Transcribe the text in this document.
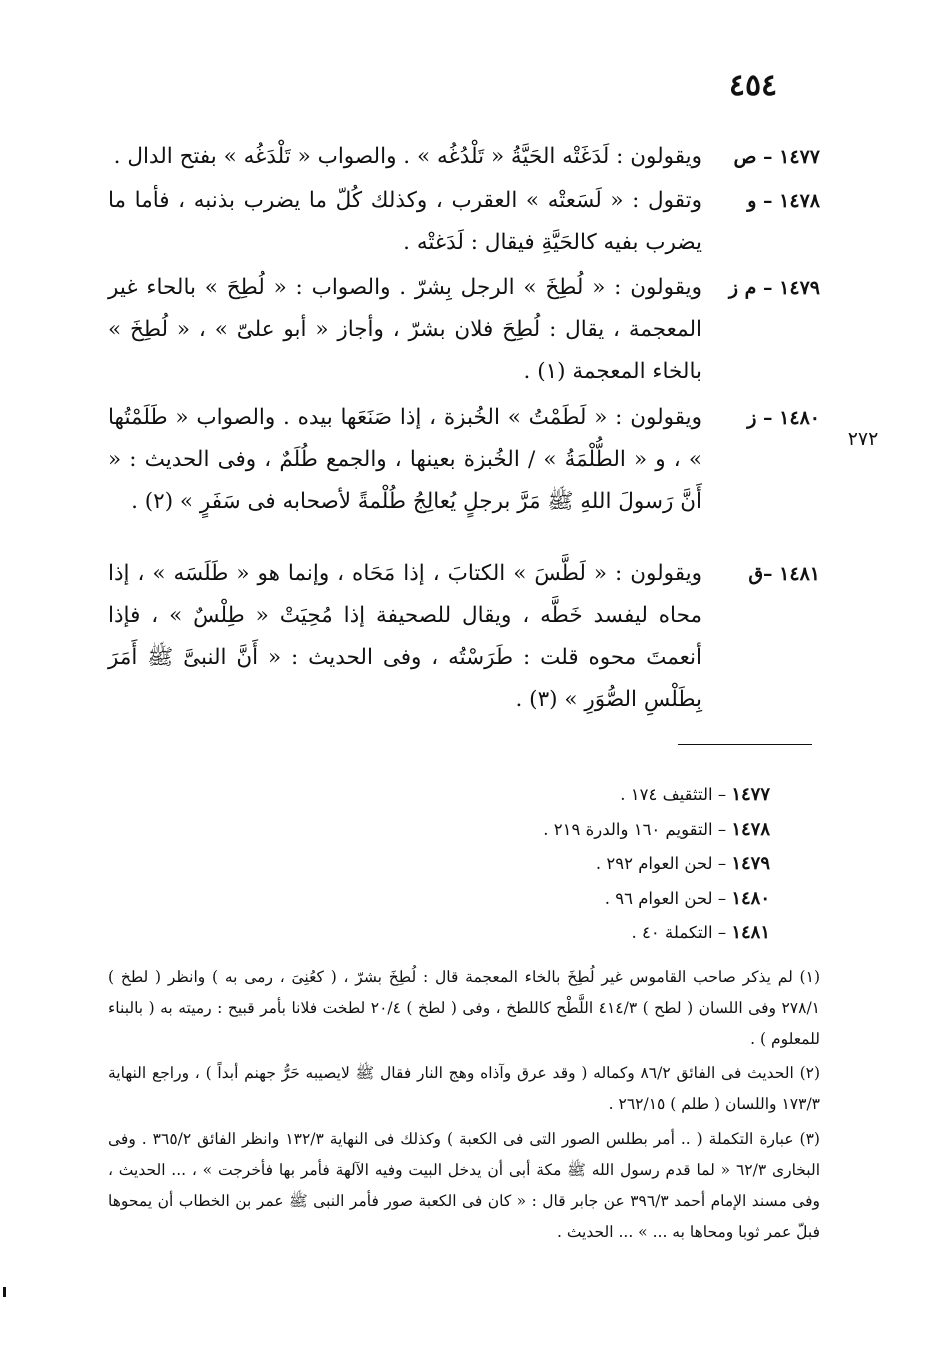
٤٥٤
٢٧٢
١٤٧٧ – ص
ويقولون : لَدَغَتْه الحَيَّةُ « تَلْدُغُه » . والصواب « تَلْدَغُه » بفتح الدال .
١٤٧٨ – و
وتقول : « لَسَعتْه » العقرب ، وكذلك كُلّ ما يضرب بذنبه ، فأما ما يضرب بفيه كالحَيَّةِ فيقال : لَدَغتْه .
١٤٧٩ – م ز
ويقولون : « لُطِخَ » الرجل بِشرّ . والصواب : « لُطِحَ » بالحاء غير المعجمة ، يقال : لُطِحَ فلان بشرّ ، وأجاز « أبو علىّ » ، « لُطِخَ » بالخاء المعجمة (١) .
١٤٨٠ – ز
ويقولون : « لَطَمْتُ » الخُبزة ، إذا صَنَعَها بيده . والصواب « طَلَمْتُها » ، و « الطُّلْمَةُ » / الخُبزة بعينها ، والجمع طُلَمٌ ، وفى الحديث : « أَنَّ رَسولَ اللهِ ﷺ مَرَّ برجلٍ يُعالِجُ طُلْمةً لأصحابه فى سَفَرٍ » (٢) .
١٤٨١ –ق
ويقولون : « لَطَّسَ » الكتابَ ، إذا مَحَاه ، وإنما هو « طَلَسَه » ، إذا محاه ليفسد خَطَّه ، ويقال للصحيفة إذا مُحِيَتْ « طِلْسٌ » ، فإذا أنعمتَ محوه قلت : طَرَسْتُه ، وفى الحديث : « أَنَّ النبىَّ ﷺ أَمَرَ بِطَلْسِ الصُّوَرِ » (٣) .
١٤٧٧ – التثقيف ١٧٤ .
١٤٧٨ – التقويم ١٦٠ والدرة ٢١٩ .
١٤٧٩ – لحن العوام ٢٩٢ .
١٤٨٠ – لحن العوام ٩٦ .
١٤٨١ – التكملة ٤٠ .
(١) لم يذكر صاحب القاموس غير لُطِخَ بالخاء المعجمة قال : لُطِخَ بشرّ ، ( كعُنِىَ ، رمى به ) وانظر ( لطخ ) ٢٧٨/١ وفى اللسان ( لطح ) ٤١٤/٣ اللَّطْح كاللطخ ، وفى ( لطخ ) ٢٠/٤ لطخت فلانا بأمر قبيح : رميته به ( بالبناء للمعلوم ) .
(٢) الحديث فى الفائق ٨٦/٢ وكماله ( وقد عرق وآذاه وهج النار فقال ﷺ لايصيبه حَرُّ جهنم أبداً ) ، وراجع النهاية ١٧٣/٣ واللسان ( طلم ) ٢٦٢/١٥ .
(٣) عبارة التكملة ( .. أمر بطلس الصور التى فى الكعبة ) وكذلك فى النهاية ١٣٢/٣ وانظر الفائق ٣٦٥/٢ . وفى البخارى ٦٢/٣ « لما قدم رسول الله ﷺ مكة أبى أن يدخل البيت وفيه الآلهة فأمر بها فأخرجت » ، ... الحديث ، وفى مسند الإمام أحمد ٣٩٦/٣ عن جابر قال : « كان فى الكعبة صور فأمر النبى ﷺ عمر بن الخطاب أن يمحوها فبلّ عمر ثوبا ومحاها به ... » ... الحديث .
